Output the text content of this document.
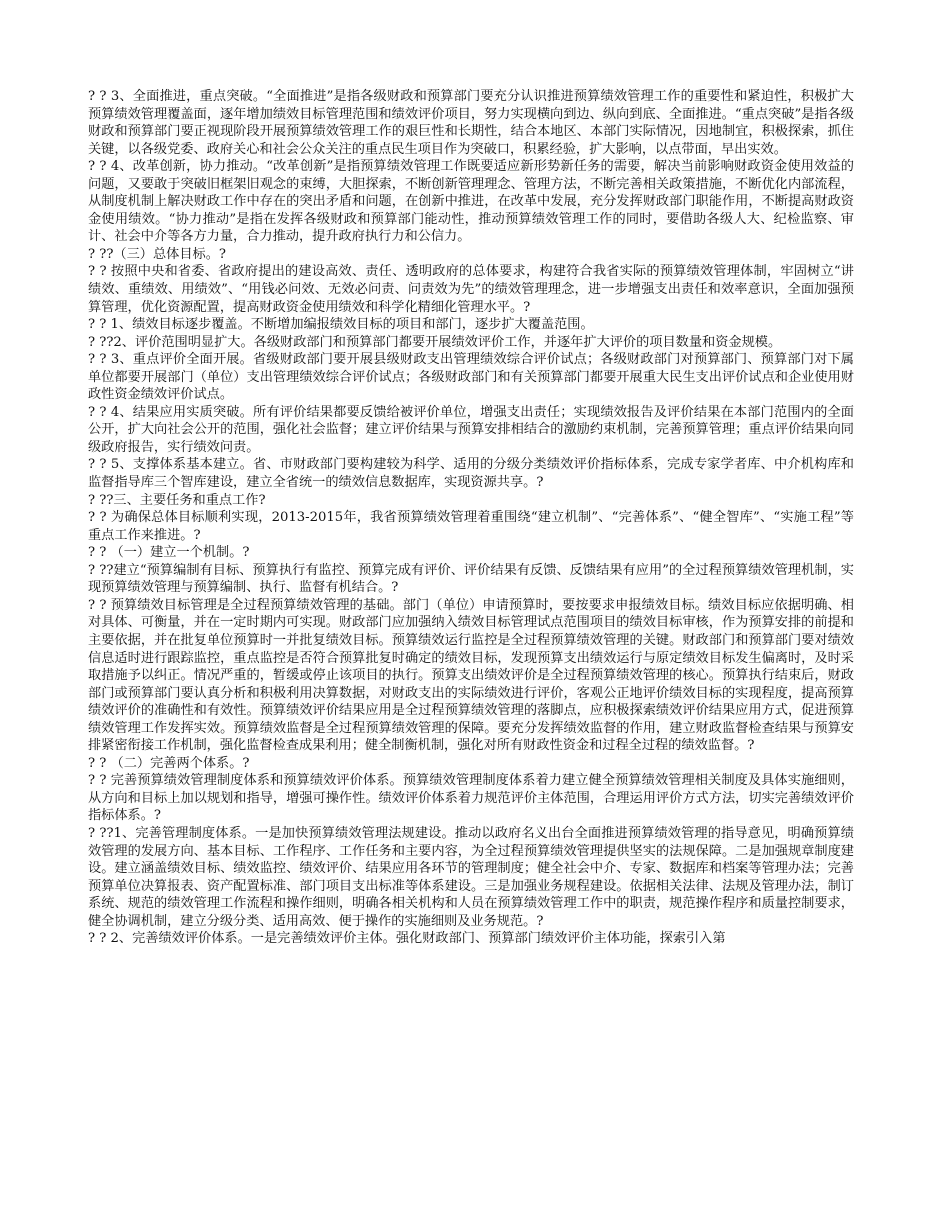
? ? 3、全面推进，重点突破。“全面推进”是指各级财政和预算部门要充分认识推进预算绩效管理工作的重要性和紧迫性，积极扩大预算绩效管理覆盖面，逐年增加绩效目标管理范围和绩效评价项目，努力实现横向到边、纵向到底、全面推进。“重点突破”是指各级财政和预算部门要正视现阶段开展预算绩效管理工作的艰巨性和长期性，结合本地区、本部门实际情况，因地制宜，积极探索，抓住关键，以各级党委、政府关心和社会公众关注的重点民生项目作为突破口，积累经验，扩大影响，以点带面，早出实效。

? ? 4、改革创新，协力推动。“改革创新”是指预算绩效管理工作既要适应新形势新任务的需要，解决当前影响财政资金使用效益的问题，又要敢于突破旧框架旧观念的束缚，大胆探索，不断创新管理理念、管理方法，不断完善相关政策措施，不断优化内部流程，从制度机制上解决财政工作中存在的突出矛盾和问题，在创新中推进，在改革中发展，充分发挥财政部门职能作用，不断提高财政资金使用绩效。“协力推动”是指在发挥各级财政和预算部门能动性，推动预算绩效管理工作的同时，要借助各级人大、纪检监察、审计、社会中介等各方力量，合力推动，提升政府执行力和公信力。

? ??（三）总体目标。?

? ? 按照中央和省委、省政府提出的建设高效、责任、透明政府的总体要求，构建符合我省实际的预算绩效管理体制，牢固树立“讲绩效、重绩效、用绩效”、“用钱必问效、无效必问责、问责效为先”的绩效管理理念，进一步增强支出责任和效率意识，全面加强预算管理，优化资源配置，提高财政资金使用绩效和科学化精细化管理水平。?

? ? 1、绩效目标逐步覆盖。不断增加编报绩效目标的项目和部门，逐步扩大覆盖范围。

? ??2、评价范围明显扩大。各级财政部门和预算部门都要开展绩效评价工作，并逐年扩大评价的项目数量和资金规模。

? ? 3、重点评价全面开展。省级财政部门要开展县级财政支出管理绩效综合评价试点；各级财政部门对预算部门、预算部门对下属单位都要开展部门（单位）支出管理绩效综合评价试点；各级财政部门和有关预算部门都要开展重大民生支出评价试点和企业使用财政性资金绩效评价试点。

? ? 4、结果应用实质突破。所有评价结果都要反馈给被评价单位，增强支出责任；实现绩效报告及评价结果在本部门范围内的全面公开，扩大向社会公开的范围，强化社会监督；建立评价结果与预算安排相结合的激励约束机制，完善预算管理；重点评价结果向同级政府报告，实行绩效问责。

? ? 5、支撑体系基本建立。省、市财政部门要构建较为科学、适用的分级分类绩效评价指标体系，完成专家学者库、中介机构库和监督指导库三个智库建设，建立全省统一的绩效信息数据库，实现资源共享。?

? ??三、主要任务和重点工作?

? ? 为确保总体目标顺利实现，2013-2015年，我省预算绩效管理着重围绕“建立机制”、“完善体系”、“健全智库”、“实施工程”等重点工作来推进。?

? ? （一）建立一个机制。?

? ??建立“预算编制有目标、预算执行有监控、预算完成有评价、评价结果有反馈、反馈结果有应用”的全过程预算绩效管理机制，实现预算绩效管理与预算编制、执行、监督有机结合。?

? ? 预算绩效目标管理是全过程预算绩效管理的基础。部门（单位）申请预算时，要按要求申报绩效目标。绩效目标应依据明确、相对具体、可衡量，并在一定时期内可实现。财政部门应加强纳入绩效目标管理试点范围项目的绩效目标审核，作为预算安排的前提和主要依据，并在批复单位预算时一并批复绩效目标。预算绩效运行监控是全过程预算绩效管理的关键。财政部门和预算部门要对绩效信息适时进行跟踪监控，重点监控是否符合预算批复时确定的绩效目标，发现预算支出绩效运行与原定绩效目标发生偏离时，及时采取措施予以纠正。情况严重的，暂缓或停止该项目的执行。预算支出绩效评价是全过程预算绩效管理的核心。预算执行结束后，财政部门或预算部门要认真分析和积极利用决算数据，对财政支出的实际绩效进行评价，客观公正地评价绩效目标的实现程度，提高预算绩效评价的准确性和有效性。预算绩效评价结果应用是全过程预算绩效管理的落脚点，应积极探索绩效评价结果应用方式，促进预算绩效管理工作发挥实效。预算绩效监督是全过程预算绩效管理的保障。要充分发挥绩效监督的作用，建立财政监督检查结果与预算安排紧密衔接工作机制，强化监督检查成果利用；健全制衡机制，强化对所有财政性资金和过程全过程的绩效监督。?

? ? （二）完善两个体系。?

? ? 完善预算绩效管理制度体系和预算绩效评价体系。预算绩效管理制度体系着力建立健全预算绩效管理相关制度及具体实施细则，从方向和目标上加以规划和指导，增强可操作性。绩效评价体系着力规范评价主体范围，合理运用评价方式方法，切实完善绩效评价指标体系。?

? ??1、完善管理制度体系。一是加快预算绩效管理法规建设。推动以政府名义出台全面推进预算绩效管理的指导意见，明确预算绩效管理的发展方向、基本目标、工作程序、工作任务和主要内容，为全过程预算绩效管理提供坚实的法规保障。二是加强规章制度建设。建立涵盖绩效目标、绩效监控、绩效评价、结果应用各环节的管理制度；健全社会中介、专家、数据库和档案等管理办法；完善预算单位决算报表、资产配置标准、部门项目支出标准等体系建设。三是加强业务规程建设。依据相关法律、法规及管理办法，制订系统、规范的绩效管理工作流程和操作细则，明确各相关机构和人员在预算绩效管理工作中的职责，规范操作程序和质量控制要求，健全协调机制，建立分级分类、适用高效、便于操作的实施细则及业务规范。?

? ? 2、完善绩效评价体系。一是完善绩效评价主体。强化财政部门、预算部门绩效评价主体功能，探索引入第
